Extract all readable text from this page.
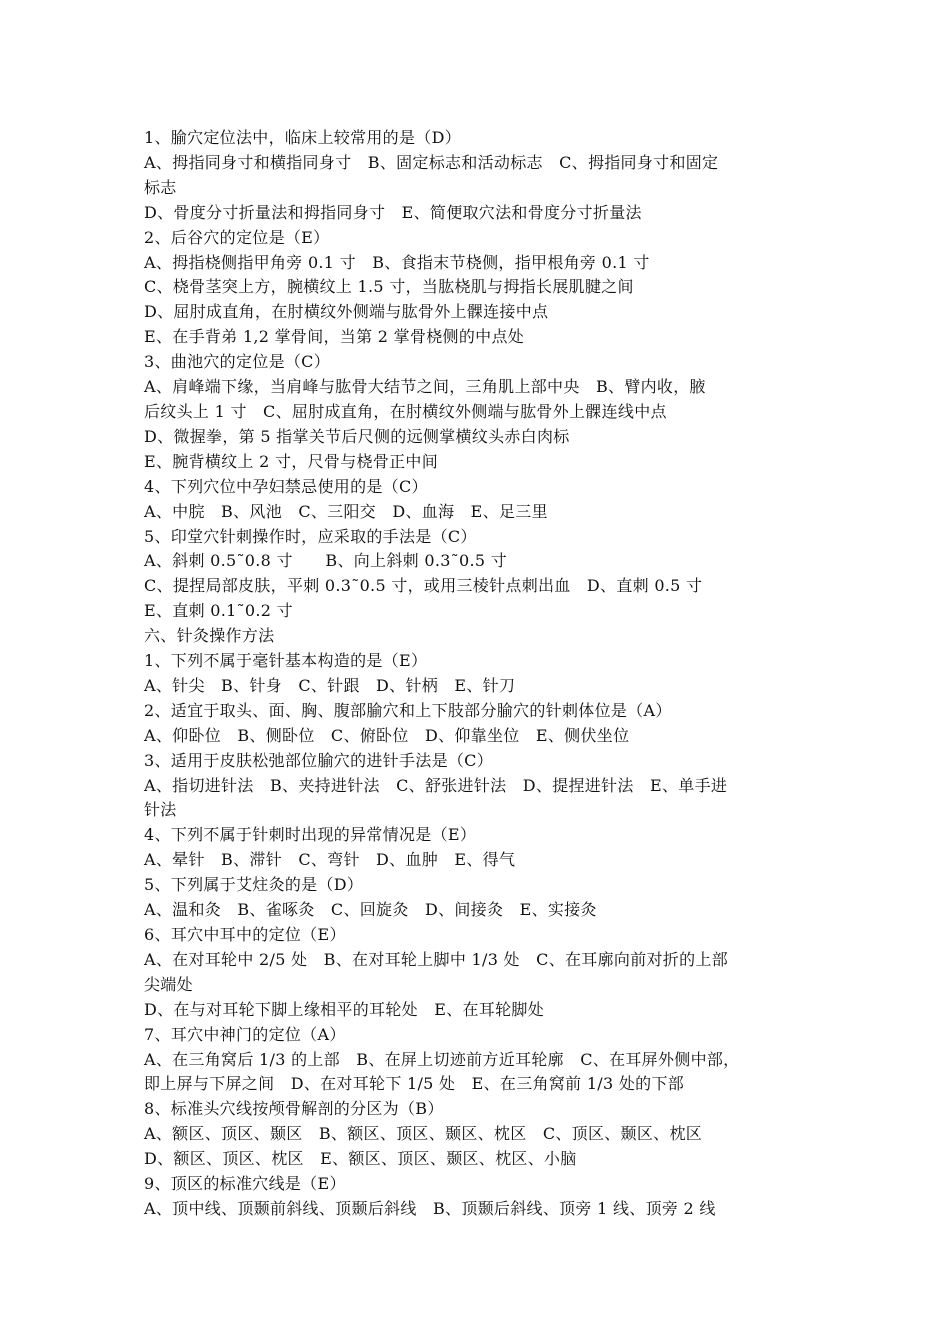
1、腧穴定位法中，临床上较常用的是（D）
A、拇指同身寸和横指同身寸　B、固定标志和活动标志　C、拇指同身寸和固定
标志
D、骨度分寸折量法和拇指同身寸　E、简便取穴法和骨度分寸折量法
2、后谷穴的定位是（E）
A、拇指桡侧指甲角旁 0.1 寸　B、食指末节桡侧，指甲根角旁 0.1 寸
C、桡骨茎突上方，腕横纹上 1.5 寸，当肱桡肌与拇指长展肌腱之间
D、屈肘成直角，在肘横纹外侧端与肱骨外上髁连接中点
E、在手背弟 1,2 掌骨间，当第 2 掌骨桡侧的中点处
3、曲池穴的定位是（C）
A、肩峰端下缘，当肩峰与肱骨大结节之间，三角肌上部中央　B、臂内收，腋
后纹头上 1 寸　C、屈肘成直角，在肘横纹外侧端与肱骨外上髁连线中点
D、微握拳，第 5 指掌关节后尺侧的远侧掌横纹头赤白肉标
E、腕背横纹上 2 寸，尺骨与桡骨正中间
4、下列穴位中孕妇禁忌使用的是（C）
A、中脘　B、风池　C、三阳交　D、血海　E、足三里
5、印堂穴针刺操作时，应采取的手法是（C）
A、斜刺 0.5˜0.8 寸　　B、向上斜刺 0.3˜0.5 寸
C、提捏局部皮肤，平刺 0.3˜0.5 寸，或用三棱针点刺出血　D、直刺 0.5 寸
E、直刺 0.1˜0.2 寸
六、针灸操作方法
1、下列不属于毫针基本构造的是（E）
A、针尖　B、针身　C、针跟　D、针柄　E、针刀
2、适宜于取头、面、胸、腹部腧穴和上下肢部分腧穴的针刺体位是（A）
A、仰卧位　B、侧卧位　C、俯卧位　D、仰靠坐位　E、侧伏坐位
3、适用于皮肤松弛部位腧穴的进针手法是（C）
A、指切进针法　B、夹持进针法　C、舒张进针法　D、提捏进针法　E、单手进
针法
4、下列不属于针刺时出现的异常情况是（E）
A、晕针　B、滞针　C、弯针　D、血肿　E、得气
5、下列属于艾炷灸的是（D）
A、温和灸　B、雀啄灸　C、回旋灸　D、间接灸　E、实接灸
6、耳穴中耳中的定位（E）
A、在对耳轮中 2/5 处　B、在对耳轮上脚中 1/3 处　C、在耳廓向前对折的上部
尖端处
D、在与对耳轮下脚上缘相平的耳轮处　E、在耳轮脚处
7、耳穴中神门的定位（A）
A、在三角窝后 1/3 的上部　B、在屏上切迹前方近耳轮廓　C、在耳屏外侧中部，
即上屏与下屏之间　D、在对耳轮下 1/5 处　E、在三角窝前 1/3 处的下部
8、标准头穴线按颅骨解剖的分区为（B）
A、额区、顶区、颞区　B、额区、顶区、颞区、枕区　C、顶区、颞区、枕区
D、额区、顶区、枕区　E、额区、顶区、颞区、枕区、小脑
9、顶区的标准穴线是（E）
A、顶中线、顶颞前斜线、顶颞后斜线　B、顶颞后斜线、顶旁 1 线、顶旁 2 线
